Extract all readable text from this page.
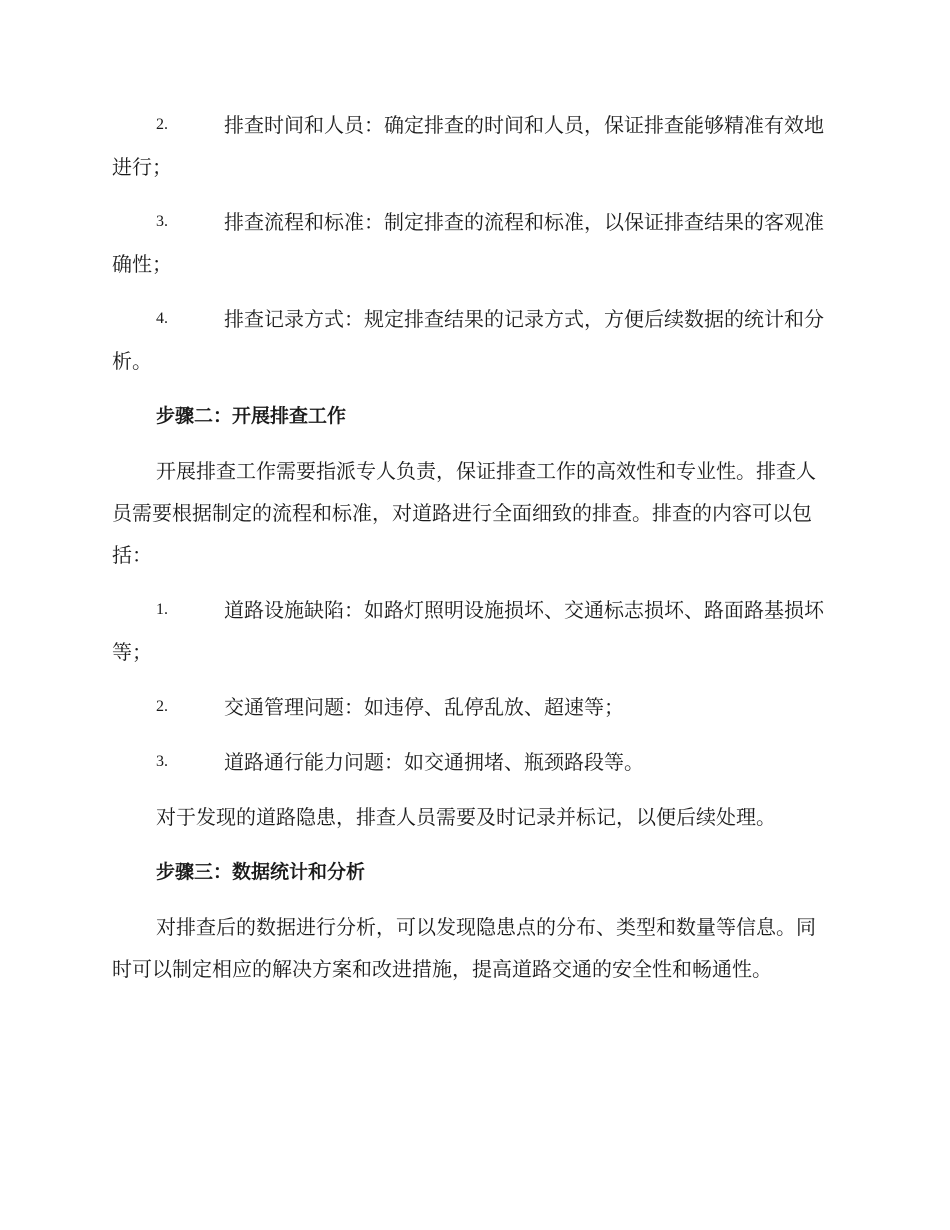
2.	排查时间和人员：确定排查的时间和人员，保证排查能够精准有效地进行；
3.	排查流程和标准：制定排查的流程和标准，以保证排查结果的客观准确性；
4.	排查记录方式：规定排查结果的记录方式，方便后续数据的统计和分析。
步骤二：开展排查工作
开展排查工作需要指派专人负责，保证排查工作的高效性和专业性。排查人员需要根据制定的流程和标准，对道路进行全面细致的排查。排查的内容可以包括：
1.	道路设施缺陷：如路灯照明设施损坏、交通标志损坏、路面路基损坏等；
2.	交通管理问题：如违停、乱停乱放、超速等；
3.	道路通行能力问题：如交通拥堵、瓶颈路段等。
对于发现的道路隐患，排查人员需要及时记录并标记，以便后续处理。
步骤三：数据统计和分析
对排查后的数据进行分析，可以发现隐患点的分布、类型和数量等信息。同时可以制定相应的解决方案和改进措施，提高道路交通的安全性和畅通性。
